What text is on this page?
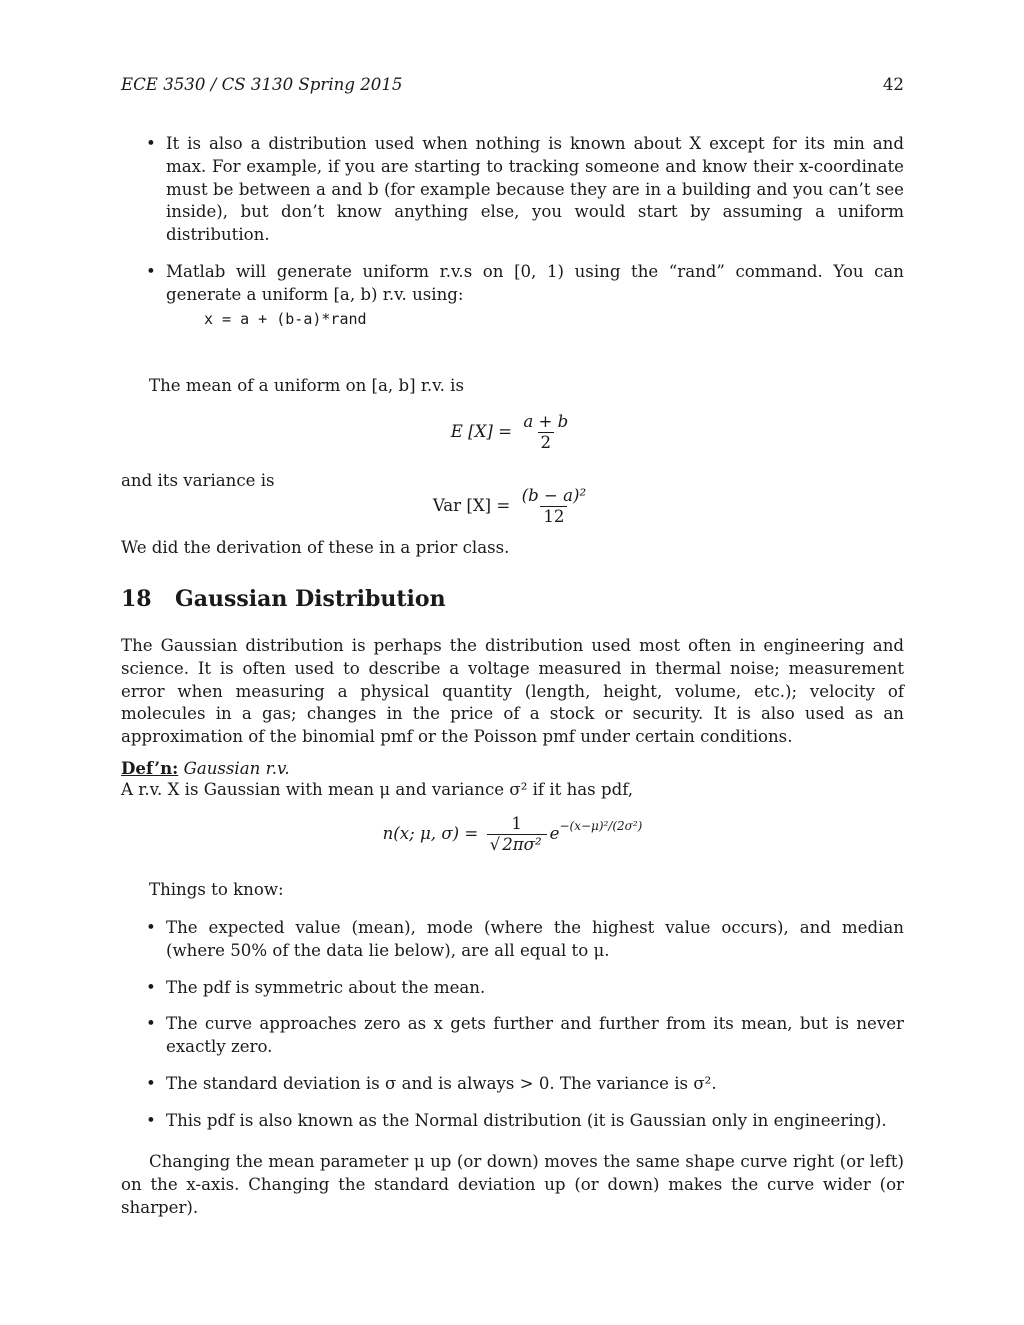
ECE 3530 / CS 3130 Spring 2015	42
• It is also a distribution used when nothing is known about X except for its min and max. For example, if you are starting to tracking someone and know their x-coordinate must be between a and b (for example because they are in a building and you can’t see inside), but don’t know anything else, you would start by assuming a uniform distribution.
• Matlab will generate uniform r.v.s on [0, 1) using the “rand” command. You can generate a uniform [a, b) r.v. using:
x = a + (b-a)*rand
The mean of a uniform on [a, b] r.v. is
E $[X] = \frac{a + b}{2}$
and its variance is
Var $[X] = \frac{\text{(b − a)²}}{12}$
We did the derivation of these in a prior class.
18 Gaussian Distribution
The Gaussian distribution is perhaps the distribution used most often in engineering and science. It is often used to describe a voltage measured in thermal noise; measurement error when measuring a physical quantity (length, height, volume, etc.); velocity of molecules in a gas; changes in the price of a stock or security. It is also used as an approximation of the binomial pmf or the Poisson pmf under certain conditions.
Def’n: Gaussian r.v.
A r.v. X is Gaussian with mean μ and variance σ² if it has pdf,
n(x; μ, $\sigma) = \frac{1}{\text{√ 2πσ²}} e^{-(x-\mu)^2/(2\sigma^2)}$
Things to know:
• The expected value (mean), mode (where the highest value occurs), and median (where 50% of the data lie below), are all equal to μ.
• The pdf is symmetric about the mean.
• The curve approaches zero as x gets further and further from its mean, but is never exactly zero.
• The standard deviation is σ and is always > 0. The variance is σ².
• This pdf is also known as the Normal distribution (it is Gaussian only in engineering).
Changing the mean parameter μ up (or down) moves the same shape curve right (or left) on the x-axis. Changing the standard deviation up (or down) makes the curve wider (or sharper).
